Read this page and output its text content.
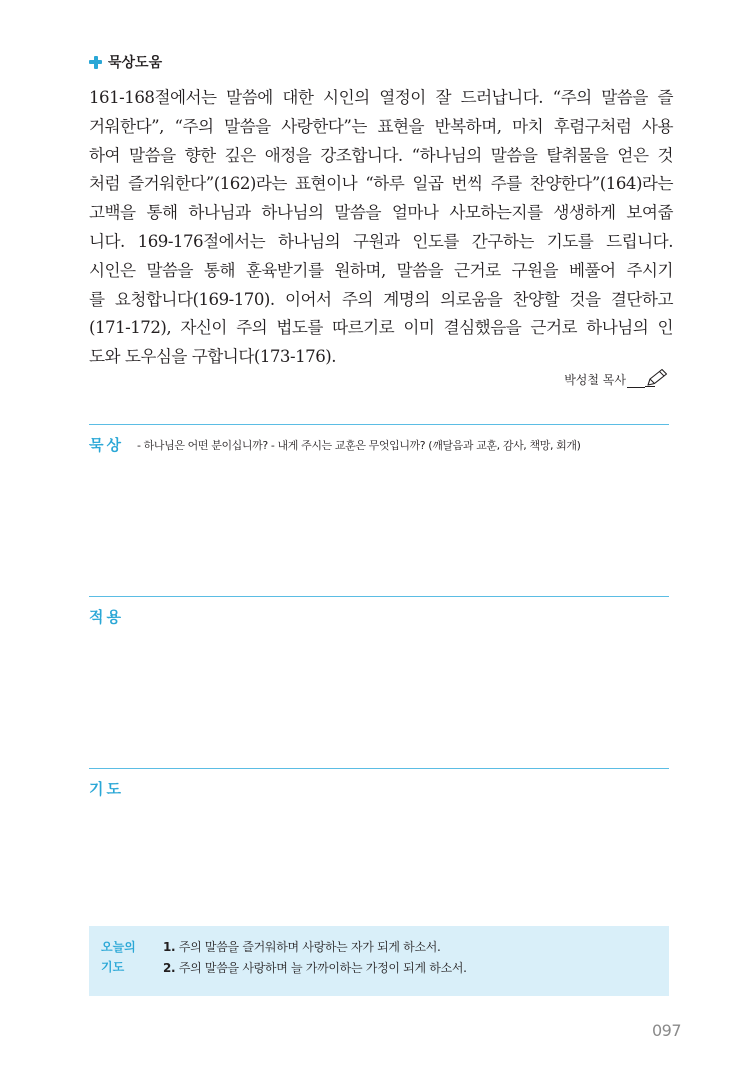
묵상도움
161-168절에서는 말씀에 대한 시인의 열정이 잘 드러납니다. “주의 말씀을 즐
거워한다”, “주의 말씀을 사랑한다”는 표현을 반복하며, 마치 후렴구처럼 사용
하여 말씀을 향한 깊은 애정을 강조합니다. “하나님의 말씀을 탈취물을 얻은 것
처럼 즐거워한다”(162)라는 표현이나 “하루 일곱 번씩 주를 찬양한다”(164)라는
고백을 통해 하나님과 하나님의 말씀을 얼마나 사모하는지를 생생하게 보여줍
니다. 169-176절에서는 하나님의 구원과 인도를 간구하는 기도를 드립니다.
시인은 말씀을 통해 훈육받기를 원하며, 말씀을 근거로 구원을 베풀어 주시기
를 요청합니다(169-170). 이어서 주의 계명의 의로움을 찬양할 것을 결단하고
(171-172), 자신이 주의 법도를 따르기로 이미 결심했음을 근거로 하나님의 인
도와 도우심을 구합니다(173-176).
박성철 목사
묵상 - 하나님은 어떤 분이십니까? - 내게 주시는 교훈은 무엇입니까? (깨달음과 교훈, 감사, 책망, 회개)
적용
기도
오늘의
기도
1. 주의 말씀을 즐거워하며 사랑하는 자가 되게 하소서.
2. 주의 말씀을 사랑하며 늘 가까이하는 가정이 되게 하소서.
097
